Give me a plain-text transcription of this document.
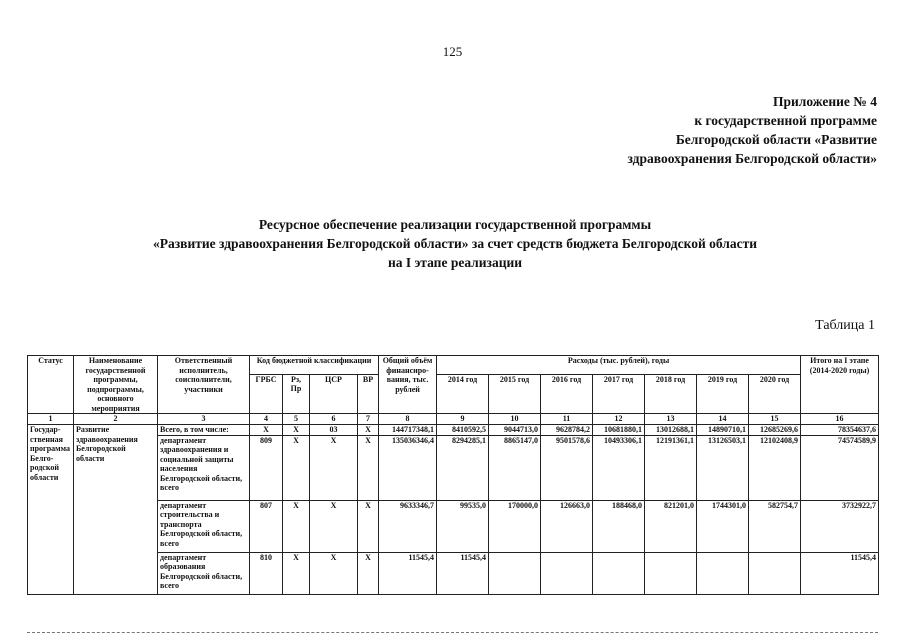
125
Приложение № 4
к государственной программе
Белгородской области «Развитие
здравоохранения Белгородской области»
Ресурсное обеспечение реализации государственной программы
«Развитие здравоохранения Белгородской области» за счет средств бюджета Белгородской области
на I этапе реализации
Таблица 1
Статус	Наименование государственной программы, подпрограммы, основного мероприятия	Ответственный исполнитель, соисполнители, участники	Код бюджетной классификации				Общий объём финансиро-вания, тыс. рублей	Расходы (тыс. рублей), годы							Итого на I этапе (2014-2020 годы)
			ГРБС	Рз, Пр	ЦСР	ВР		2014 год	2015 год	2016 год	2017 год	2018 год	2019 год	2020 год	
1	2	3	4	5	6	7	8	9	10	11	12	13	14	15	16
Государ-ственная программа Белго-родской области	Развитие здравоохранения Белгородской области	Всего, в том числе:	X	X	03	X	144717348,1	8410592,5	9044713,0	9628784,2	10681880,1	13012688,1	14890710,1	12685269,6	78354637,6
		департамент здравоохранения и социальной защиты населения Белгородской области, всего	809	X	X	X	135036346,4	8294285,1	8865147,0	9501578,6	10493306,1	12191361,1	13126503,1	12102408,9	74574589,9
		департамент строительства и транспорта Белгородской области, всего	807	X	X	X	9633346,7	99535,0	170000,0	126663,0	188468,0	821201,0	1744301,0	582754,7	3732922,7
		департамент образования Белгородской области, всего	810	X	X	X	11545,4	11545,4							11545,4
